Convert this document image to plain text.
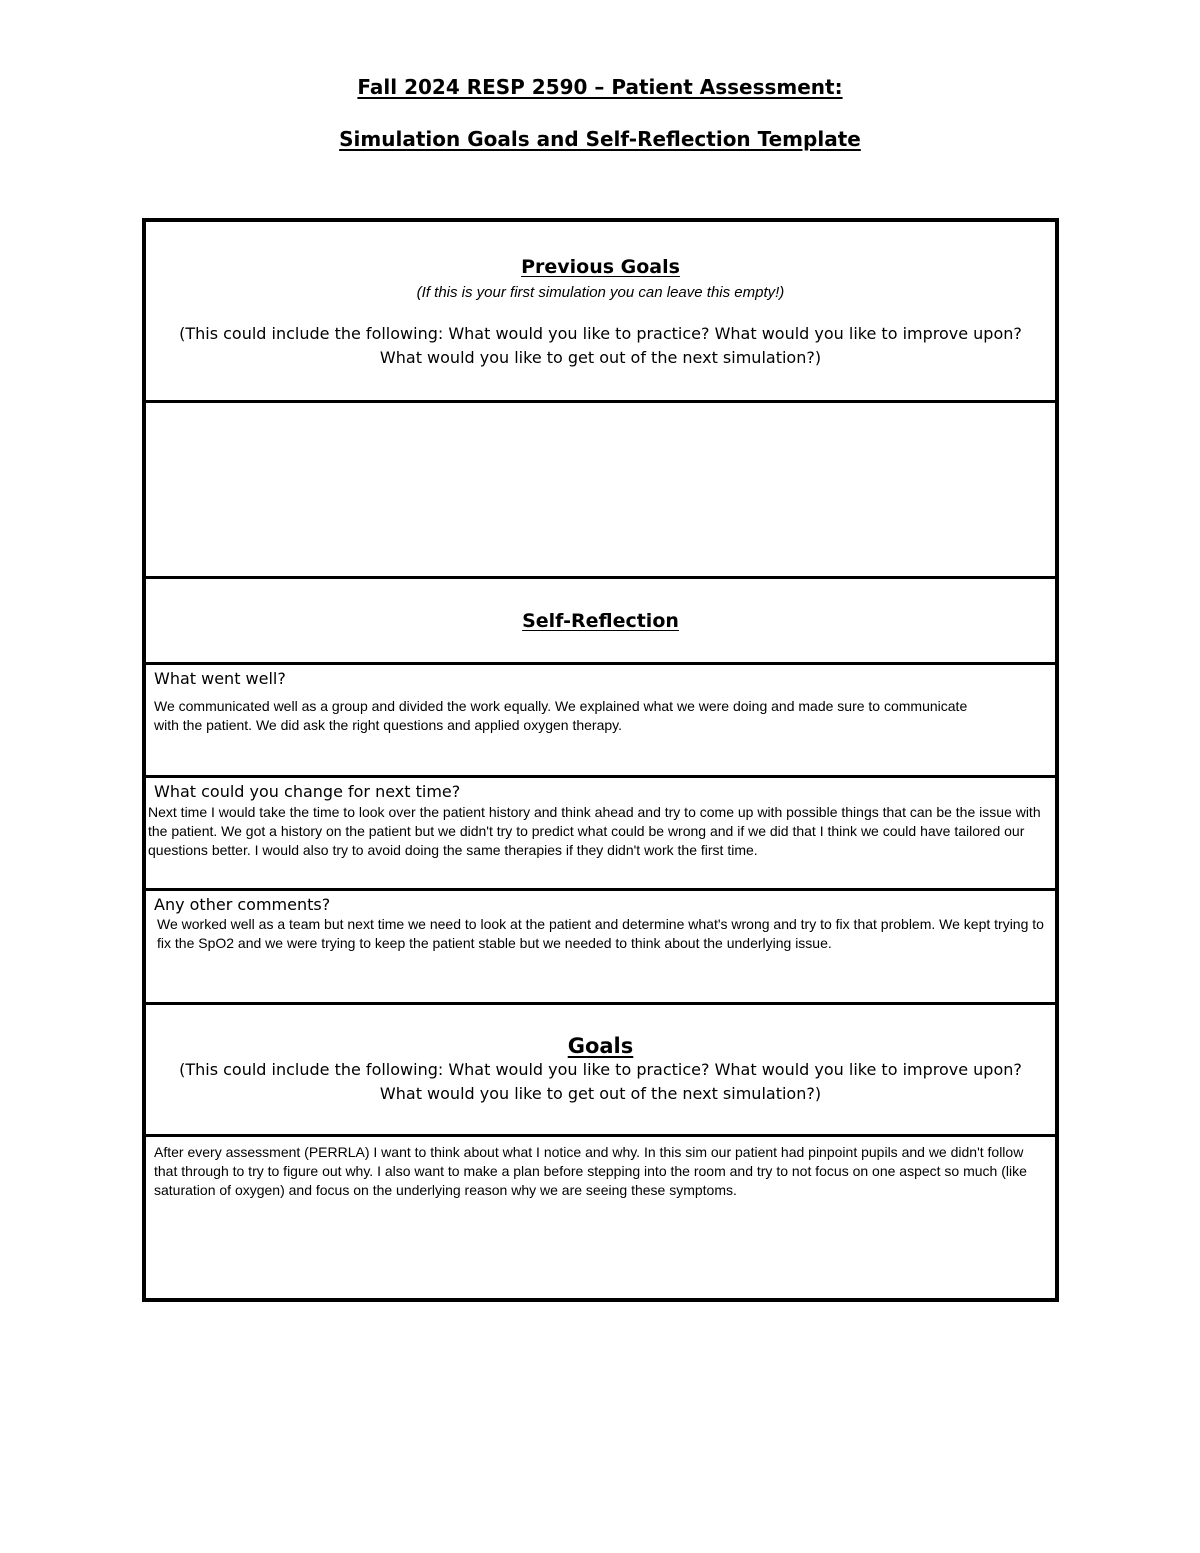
Fall 2024 RESP 2590 – Patient Assessment:
Simulation Goals and Self-Reflection Template
Previous Goals
(If this is your first simulation you can leave this empty!)
(This could include the following: What would you like to practice? What would you like to improve upon?
What would you like to get out of the next simulation?)
Self-Reflection
What went well?
We communicated well as a group and divided the work equally. We explained what we were doing and made sure to communicate with the patient. We did ask the right questions and applied oxygen therapy.
What could you change for next time?
Next time I would take the time to look over the patient history and think ahead and try to come up with possible things that can be the issue with the patient. We got a history on the patient but we didn't try to predict what could be wrong and if we did that I think we could have tailored our questions better. I would also try to avoid doing the same therapies if they didn't work the first time.
Any other comments?
We worked well as a team but next time we need to look at the patient and determine what's wrong and try to fix that problem. We kept trying to fix the SpO2 and we were trying to keep the patient stable but we needed to think about the underlying issue.
Goals
(This could include the following: What would you like to practice? What would you like to improve upon?
What would you like to get out of the next simulation?)
After every assessment (PERRLA) I want to think about what I notice and why. In this sim our patient had pinpoint pupils and we didn't follow that through to try to figure out why. I also want to make a plan before stepping into the room and try to not focus on one aspect so much (like saturation of oxygen) and focus on the underlying reason why we are seeing these symptoms.
